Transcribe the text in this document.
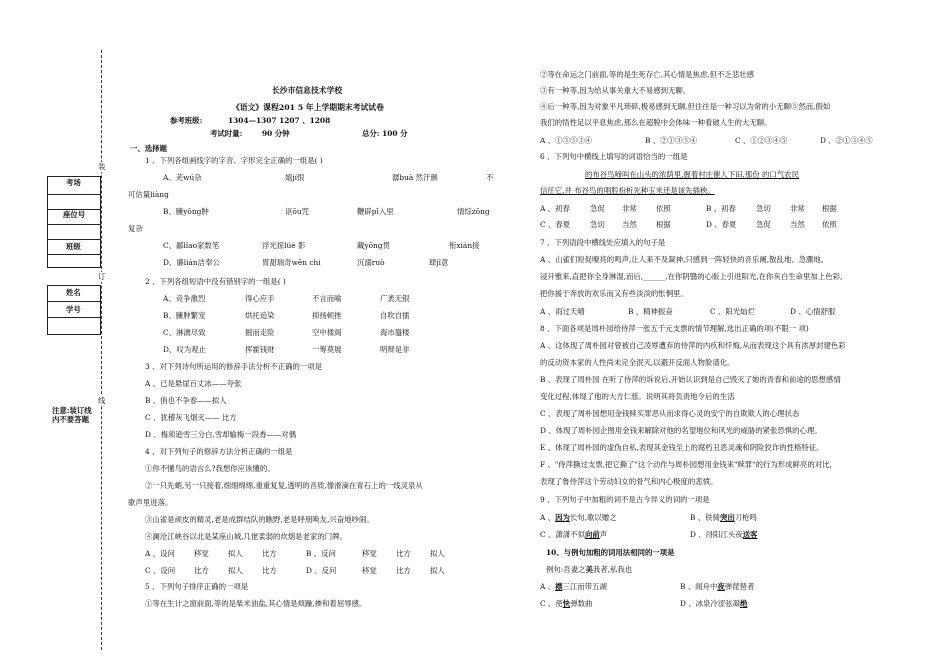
装
订
线
考场
座位号
班级
姓名
学号
注意:装订线内不要答题
长沙市信息技术学校
《语文》课程201 5 年上学期期末考试试卷
参考班级:	1304—1307 1207 、1208
考试时量:	90 分钟	总分: 100 分
一、选择题
1 、下列各组画线字的字音、字形完全正确的一组是( )
A、芜wú杂	嬉jí恨	潺buà 然汗颜	不
可估量liàng
B、臃yōng肿	讴ōu咒	鞭辟pī入里	情综zōng
复杂
C、鄙lǐao家数笔	浮光掠lüè 影	藏yōng贯	衔xián接
D、廉lián洁奉公	胃甜瑞奇wēn chi	沉溺ruò	肆jī意
2 、下列各组短语中没有错别字的一组是( )
A、竞争激烈	得心应手	不言而喻	广袤无银
B、臃肿繁宠	烘托追染	抑扬顿挫	自吹自擂
C、淋漓尽致	掘而走险	空中楼阁	海市蜃楼
D、叹为观止	挥霍钱财	一筹莫展	明辩是非
3 、对下列诗句所运用的修辞手法分析不正确的一项是
A 、已是悬崖百丈冰——夸张
B 、俏也不争春——拟人
C 、犹稽灰飞烟灭—— 比方
D 、梅须逊雪三分白,雪却输梅一段香——对偶
4 、对下列句子的修辞方法分析正确的一组是
①你不懂鸟的语言么?我想你应该懂的。
②一只先蛸,另一只接着,细细绵绵,重重复复,透明的音质,像滑滴在青石上的一线灵泉从
歌声里进落。
③山雀是顽皮的精灵,老是成群结队的瞧野,老是呼朋唤友,兴奋地吵闹。
④澜沧江峡谷以北是某座山城,几佬柔弱的炊烟是老家的门牌。
A 、设问	移觉	拟人	比方	B 、反问	移觉	比方	拟人
C 、设问	比方	拟人	比方	D 、反问	移觉	比方	拟人
5 、下列句子排序正确的一项是
①等在生计之窗前面,等的是柴米油盐,其心情是烦躁,掺和着屈辱感。
②等在命运之门前面,等的是生死存亡,其心情是焦虑,但不乏悲壮感
③有一种等,因为给从事关重大不易感到无聊。
④后一种等,因为对象平凡琐碎,极易感到无聊,但往往是一种习以为常的小无聊⑤然而,假如
我们的悟性足以平息焦虑,那么在超脱中会体味一种看破人生的大无聊。
A 、①③⑤③④	B 、②①③⑤④	C 、①②③④⑤	D 、②①③④⑤
6 、下列句中横线上填写的词语恰当的一组是
的布谷鸟啼叫在山头的浓荫里,握着村庄催人下田,那份 的口气农民
信任它,并 布谷鸟的唱腔扮析先种玉米还是该先插秧。
A 、初春	急促 非常	依照	B 、初春	急切	非常 根据
C 、春夏	急切 当然	根据	D 、春夏	急促	当然 依照
7 、下列语段中横线处应填入的句子是
A 、山雀们短促嘹亮的鸣声,让人来不及凝神,只感到一阵轻快的音乐阑,散乱地、急骤地、
浸开雅来,直把你全身淋湿,而后,______,在你阴翳的心版上引进阳光,在你灰白生命里加上色彩,
把你援于奔放的欢乐而又有些淡淡的怅惘里。
A 、雨过天晴	B 、精神振奋	C 、阳光灿烂	D 、心情舒服
8 、下面各项是周朴园给侍萍一张五千元支票的情节理解,选出正确的项(不限一 项)
A 、这体现了周朴园对曾被自己凌辱遭弃的侍萍的内疚和忏悔,从而表现这个具有浓厚封建色彩
的反动资本家的人性尚未完全泯灭,以避开反面人物脸谱化。
B 、表现了周朴园 在听了侍萍的诉说后,开始认识到是自己毁灭了她的青春和前途的思想感情
变化过程,体现了他的大方仁慈。说明其将负责地令后的生活
C 、表现了周朴园想用金钱赎买罪恶从而求得心灵的安宁的自欺欺人的心理状态
D 、体现了周朴园企图用金钱来解除对他的名望地位和风光的威胁的紧张恐惧的心理。
E 、体现了周朴园的虚伪自私,表现其金钱至上的腐朽丑恶灵魂和阴险狡诈的性格特征。
F 、"侍萍撕过支票,把它撕了"这个动作与周朴园想用金钱来"赎罪"的行为形成鲜亮的对比,
表现了鲁侍萍这个劳动妇女的骨气和内心极度的悲愤。
9 、下列句子中加粗的词不是古今异义的词的一项是
A 、因为长句,歌以赠之	B 、铁骑突出刀枪鸣
C 、潇潇不似向前声	D 、浔阳江头夜送客
10、与例句加粗的词用法相同的一项是
例句:吾妻之美我者,私我也
A 、襟三江而带五湖	B 、闻舟中夜弹琵琶者
C 、使快弹数曲	D 、冰泉冷涩弦凝绝
